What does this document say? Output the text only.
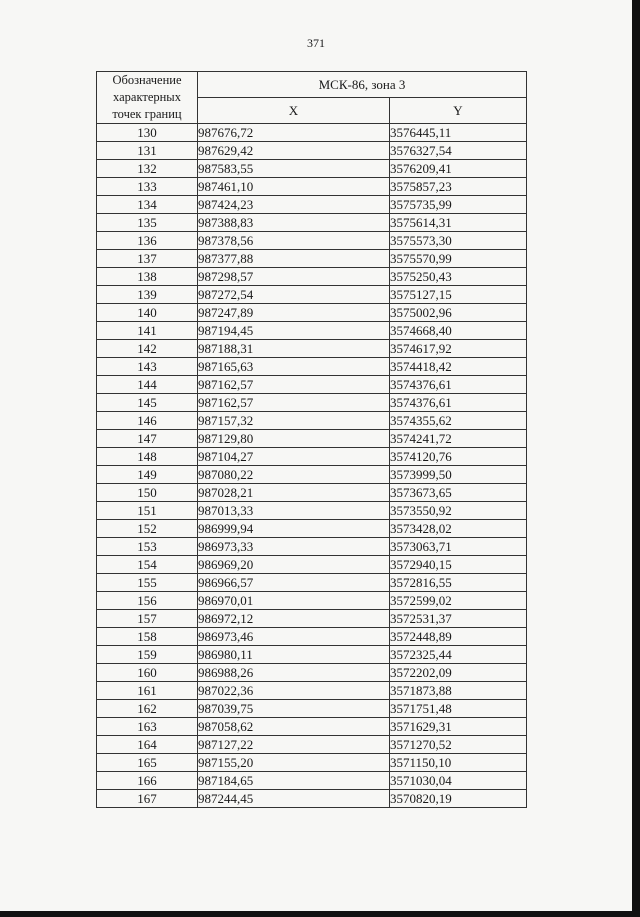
371
Обозначение характерных точек границ	МСК-86, зона 3	
	X	Y
130	987676,72	3576445,11
131	987629,42	3576327,54
132	987583,55	3576209,41
133	987461,10	3575857,23
134	987424,23	3575735,99
135	987388,83	3575614,31
136	987378,56	3575573,30
137	987377,88	3575570,99
138	987298,57	3575250,43
139	987272,54	3575127,15
140	987247,89	3575002,96
141	987194,45	3574668,40
142	987188,31	3574617,92
143	987165,63	3574418,42
144	987162,57	3574376,61
145	987162,57	3574376,61
146	987157,32	3574355,62
147	987129,80	3574241,72
148	987104,27	3574120,76
149	987080,22	3573999,50
150	987028,21	3573673,65
151	987013,33	3573550,92
152	986999,94	3573428,02
153	986973,33	3573063,71
154	986969,20	3572940,15
155	986966,57	3572816,55
156	986970,01	3572599,02
157	986972,12	3572531,37
158	986973,46	3572448,89
159	986980,11	3572325,44
160	986988,26	3572202,09
161	987022,36	3571873,88
162	987039,75	3571751,48
163	987058,62	3571629,31
164	987127,22	3571270,52
165	987155,20	3571150,10
166	987184,65	3571030,04
167	987244,45	3570820,19
